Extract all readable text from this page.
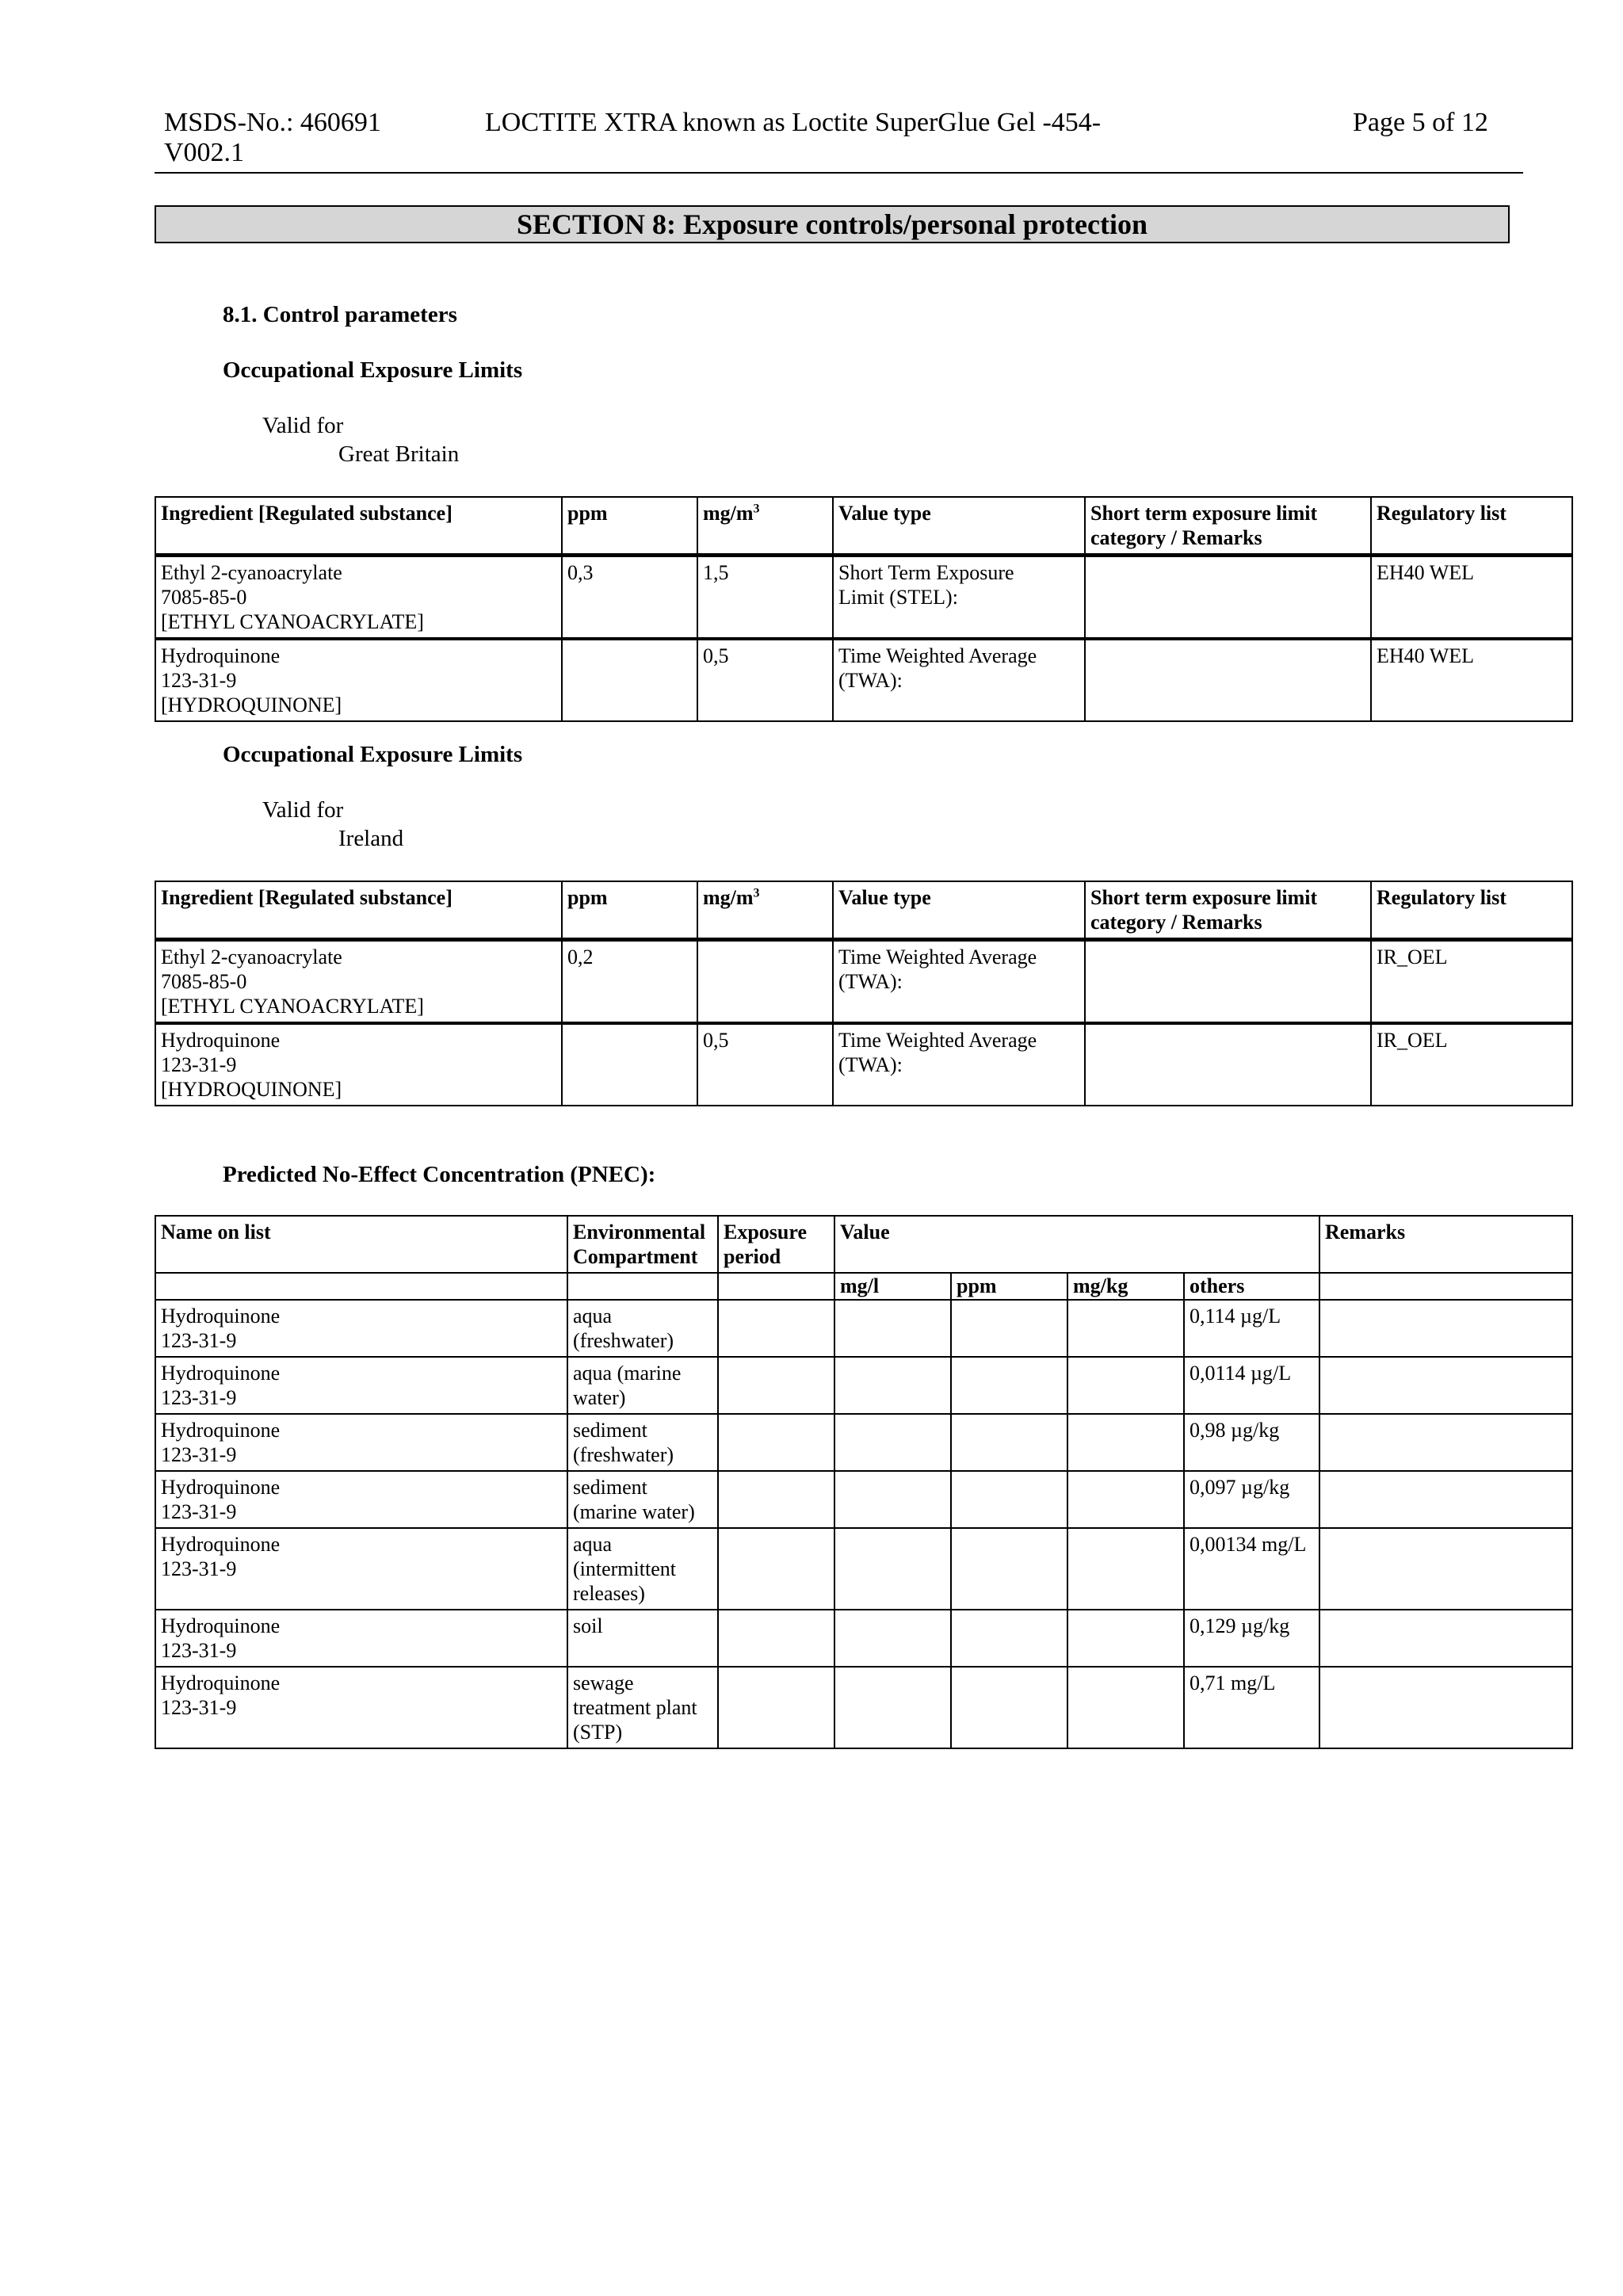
MSDS-No.: 460691
V002.1
LOCTITE XTRA known as Loctite SuperGlue Gel -454-	Page 5 of 12
SECTION 8: Exposure controls/personal protection
8.1. Control parameters
Occupational Exposure Limits
Valid for
Great Britain
Ingredient [Regulated substance]	ppm	$mg/m^3$	Value type	Short term exposure limit
category / Remarks	Regulatory list

Ethyl 2-cyanoacrylate
7085-85-0
[ETHYL CYANOACRYLATE]	0,3	1,5	Short Term Exposure
Limit (STEL):		EH40 WEL

Hydroquinone
123-31-9
[HYDROQUINONE]		0,5	Time Weighted Average
(TWA):		EH40 WEL
Occupational Exposure Limits
Valid for
Ireland
Ingredient [Regulated substance]	ppm	$mg/m^3$	Value type	Short term exposure limit
category / Remarks	Regulatory list

Ethyl 2-cyanoacrylate
7085-85-0
[ETHYL CYANOACRYLATE]	0,2		Time Weighted Average
(TWA):		IR_OEL

Hydroquinone
123-31-9
[HYDROQUINONE]		0,5	Time Weighted Average
(TWA):		IR_OEL
Predicted No-Effect Concentration (PNEC):
Name on list	Environmental
Compartment	Exposure
period	Value				Remarks
			mg/l	ppm	mg/kg	others	

Hydroquinone
123-31-9	aqua
(freshwater)					0,114 µg/L	

Hydroquinone
123-31-9	aqua (marine
water)					0,0114 µg/L	

Hydroquinone
123-31-9	sediment
(freshwater)					0,98 µg/kg	

Hydroquinone
123-31-9	sediment
(marine water)					0,097 µg/kg	

Hydroquinone
123-31-9	aqua
(intermittent
releases)					0,00134 mg/L	

Hydroquinone
123-31-9	soil					0,129 µg/kg	

Hydroquinone
123-31-9	sewage
treatment plant
(STP)					0,71 mg/L	
